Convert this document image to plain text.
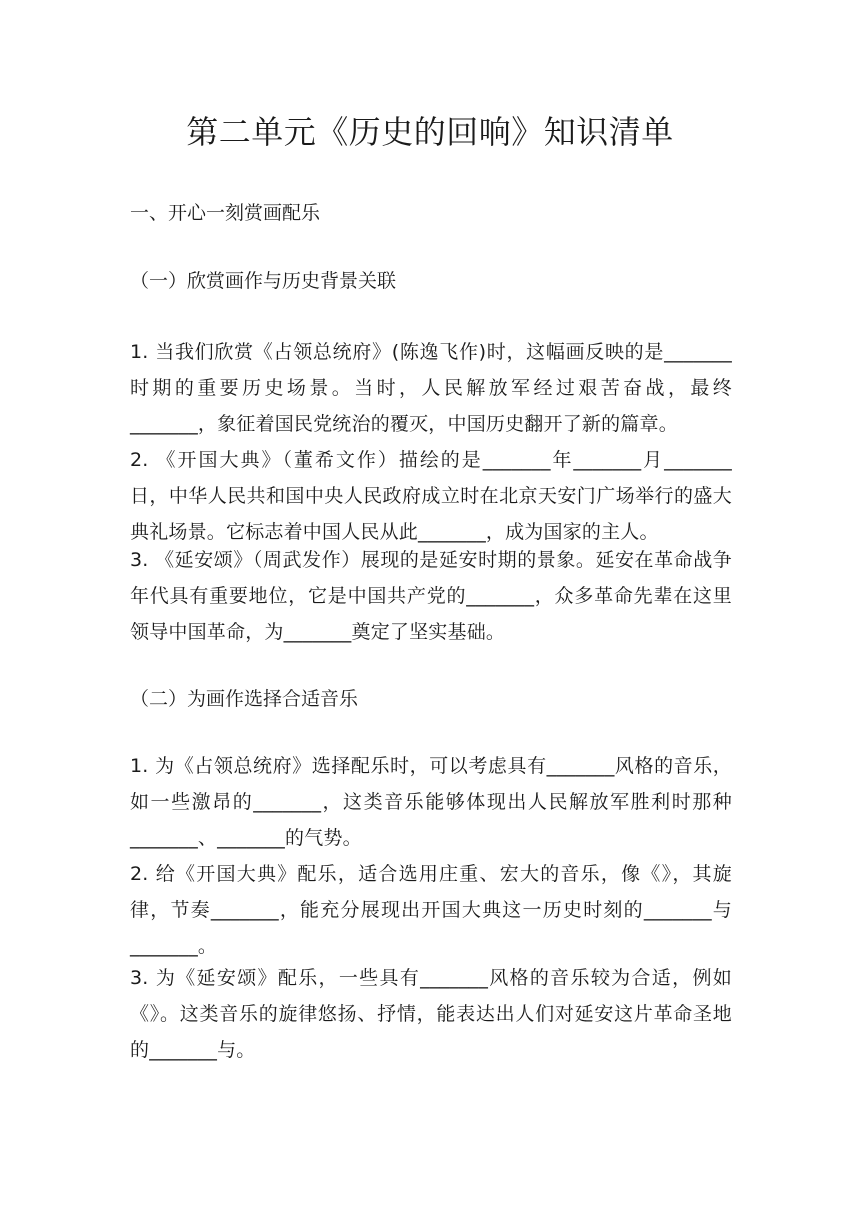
第二单元《历史的回响》知识清单
一、开心一刻赏画配乐
（一）欣赏画作与历史背景关联

1. 当我们欣赏《占领总统府》(陈逸飞作)时，这幅画反映的是_______时期的重要历史场景。当时，人民解放军经过艰苦奋战，最终_______，象征着国民党统治的覆灭，中国历史翻开了新的篇章。

2. 《开国大典》（董希文作）描绘的是_______年_______月_______日，中华人民共和国中央人民政府成立时在北京天安门广场举行的盛大典礼场景。它标志着中国人民从此_______，成为国家的主人。

3. 《延安颂》（周武发作）展现的是延安时期的景象。延安在革命战争年代具有重要地位，它是中国共产党的_______，众多革命先辈在这里领导中国革命，为_______奠定了坚实基础。

（二）为画作选择合适音乐

1. 为《占领总统府》选择配乐时，可以考虑具有_______风格的音乐，如一些激昂的_______，这类音乐能够体现出人民解放军胜利时那种_______、_______的气势。

2. 给《开国大典》配乐，适合选用庄重、宏大的音乐，像《》，其旋律，节奏_______，能充分展现出开国大典这一历史时刻的_______与_______。

3. 为《延安颂》配乐，一些具有_______风格的音乐较为合适，例如《》。这类音乐的旋律悠扬、抒情，能表达出人们对延安这片革命圣地的_______与。
